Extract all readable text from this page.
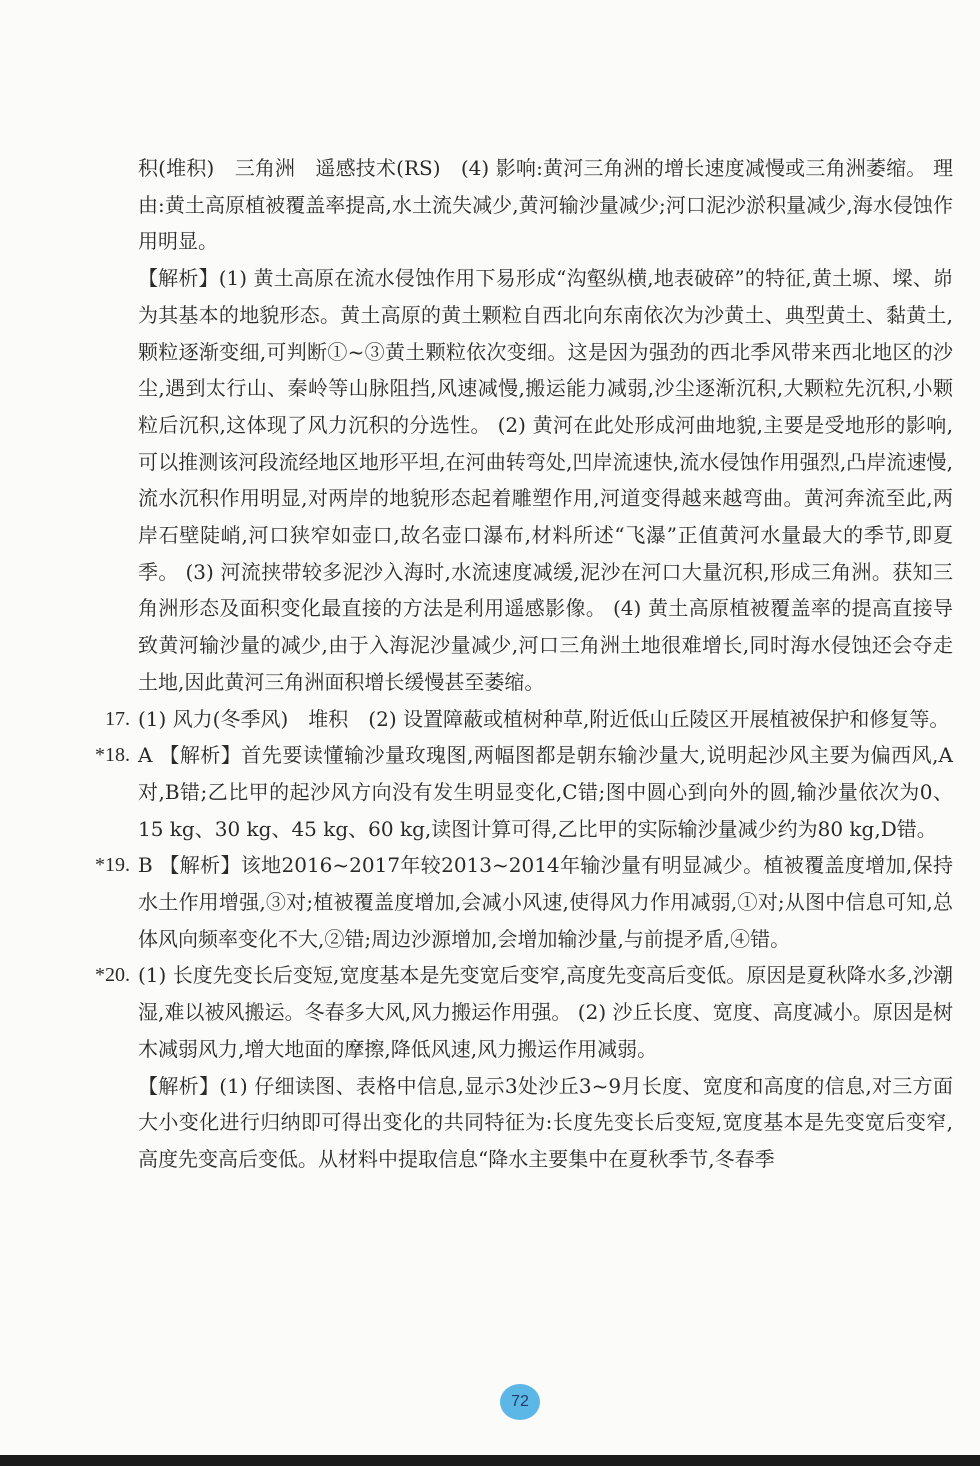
积(堆积)　三角洲　遥感技术(RS)　(4) 影响:黄河三角洲的增长速度减慢或三角洲萎缩。 理由:黄土高原植被覆盖率提高,水土流失减少,黄河输沙量减少;河口泥沙淤积量减少,海水侵蚀作用明显。

【解析】(1) 黄土高原在流水侵蚀作用下易形成“沟壑纵横,地表破碎”的特征,黄土塬、墚、峁为其基本的地貌形态。黄土高原的黄土颗粒自西北向东南依次为沙黄土、典型黄土、黏黄土,颗粒逐渐变细,可判断①~③黄土颗粒依次变细。这是因为强劲的西北季风带来西北地区的沙尘,遇到太行山、秦岭等山脉阻挡,风速减慢,搬运能力减弱,沙尘逐渐沉积,大颗粒先沉积,小颗粒后沉积,这体现了风力沉积的分选性。 (2) 黄河在此处形成河曲地貌,主要是受地形的影响,可以推测该河段流经地区地形平坦,在河曲转弯处,凹岸流速快,流水侵蚀作用强烈,凸岸流速慢,流水沉积作用明显,对两岸的地貌形态起着雕塑作用,河道变得越来越弯曲。黄河奔流至此,两岸石壁陡峭,河口狭窄如壶口,故名壶口瀑布,材料所述“飞瀑”正值黄河水量最大的季节,即夏季。 (3) 河流挟带较多泥沙入海时,水流速度减缓,泥沙在河口大量沉积,形成三角洲。获知三角洲形态及面积变化最直接的方法是利用遥感影像。 (4) 黄土高原植被覆盖率的提高直接导致黄河输沙量的减少,由于入海泥沙量减少,河口三角洲土地很难增长,同时海水侵蚀还会夺走土地,因此黄河三角洲面积增长缓慢甚至萎缩。

17. (1) 风力(冬季风)　堆积　(2) 设置障蔽或植树种草,附近低山丘陵区开展植被保护和修复等。
*18. A 【解析】首先要读懂输沙量玫瑰图,两幅图都是朝东输沙量大,说明起沙风主要为偏西风,A对,B错;乙比甲的起沙风方向没有发生明显变化,C错;图中圆心到向外的圆,输沙量依次为0、15 kg、30 kg、45 kg、60 kg,读图计算可得,乙比甲的实际输沙量减少约为80 kg,D错。
*19. B 【解析】该地2016~2017年较2013~2014年输沙量有明显减少。植被覆盖度增加,保持水土作用增强,③对;植被覆盖度增加,会减小风速,使得风力作用减弱,①对;从图中信息可知,总体风向频率变化不大,②错;周边沙源增加,会增加输沙量,与前提矛盾,④错。
*20. (1) 长度先变长后变短,宽度基本是先变宽后变窄,高度先变高后变低。原因是夏秋降水多,沙潮湿,难以被风搬运。冬春多大风,风力搬运作用强。 (2) 沙丘长度、宽度、高度减小。原因是树木减弱风力,增大地面的摩擦,降低风速,风力搬运作用减弱。

【解析】(1) 仔细读图、表格中信息,显示3处沙丘3~9月长度、宽度和高度的信息,对三方面大小变化进行归纳即可得出变化的共同特征为:长度先变长后变短,宽度基本是先变宽后变窄,高度先变高后变低。从材料中提取信息“降水主要集中在夏秋季节,冬春季

72
